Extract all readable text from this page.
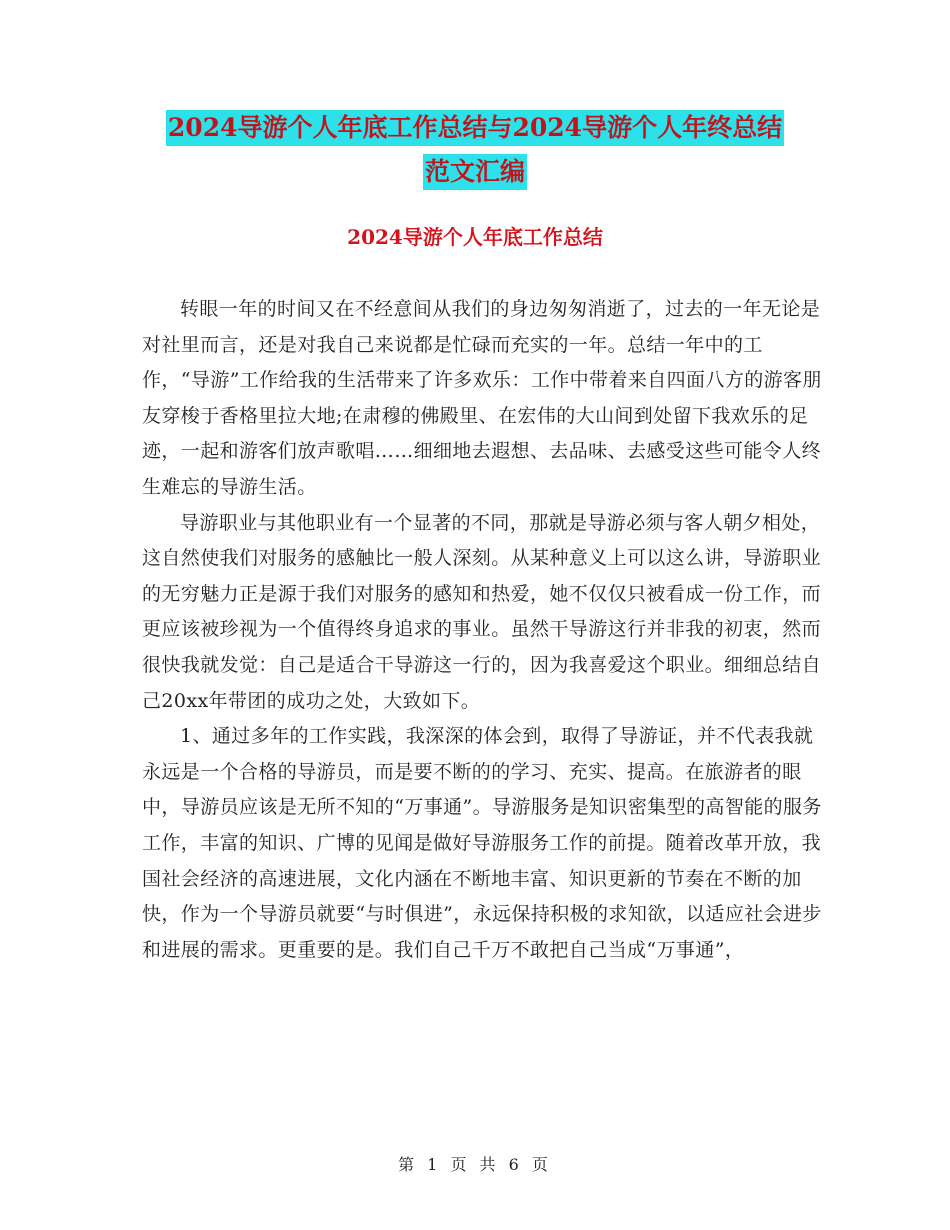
2024导游个人年底工作总结与2024导游个人年终总结
范文汇编
2024导游个人年底工作总结

转眼一年的时间又在不经意间从我们的身边匆匆消逝了，过去的一年无论是对社里而言，还是对我自己来说都是忙碌而充实的一年。总结一年中的工作，“导游”工作给我的生活带来了许多欢乐：工作中带着来自四面八方的游客朋友穿梭于香格里拉大地;在肃穆的佛殿里、在宏伟的大山间到处留下我欢乐的足迹，一起和游客们放声歌唱……细细地去遐想、去品味、去感受这些可能令人终生难忘的导游生活。

导游职业与其他职业有一个显著的不同，那就是导游必须与客人朝夕相处，这自然使我们对服务的感触比一般人深刻。从某种意义上可以这么讲，导游职业的无穷魅力正是源于我们对服务的感知和热爱，她不仅仅只被看成一份工作，而更应该被珍视为一个值得终身追求的事业。虽然干导游这行并非我的初衷，然而很快我就发觉：自己是适合干导游这一行的，因为我喜爱这个职业。细细总结自己20xx年带团的成功之处，大致如下。

1、通过多年的工作实践，我深深的体会到，取得了导游证，并不代表我就永远是一个合格的导游员，而是要不断的的学习、充实、提高。在旅游者的眼中，导游员应该是无所不知的“万事通”。导游服务是知识密集型的高智能的服务工作，丰富的知识、广博的见闻是做好导游服务工作的前提。随着改革开放，我国社会经济的高速进展，文化内涵在不断地丰富、知识更新的节奏在不断的加快，作为一个导游员就要“与时俱进”，永远保持积极的求知欲，以适应社会进步和进展的需求。更重要的是。我们自己千万不敢把自己当成“万事通”，

第 1 页 共 6 页
